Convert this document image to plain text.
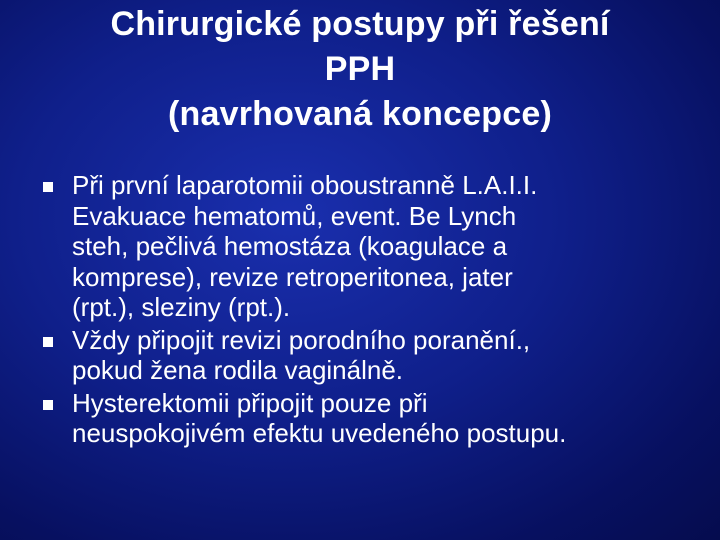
Chirurgické postupy při řešení
PPH
(navrhovaná koncepce)
Při první laparotomii oboustranně L.A.I.I.
Evakuace hematomů, event. Be Lynch
steh, pečlivá hemostáza (koagulace a
komprese), revize retroperitonea, jater
(rpt.), sleziny (rpt.).
Vždy připojit revizi porodního poranění.,
pokud žena rodila vaginálně.
Hysterektomii připojit pouze při
neuspokojivém efektu uvedeného postupu.
